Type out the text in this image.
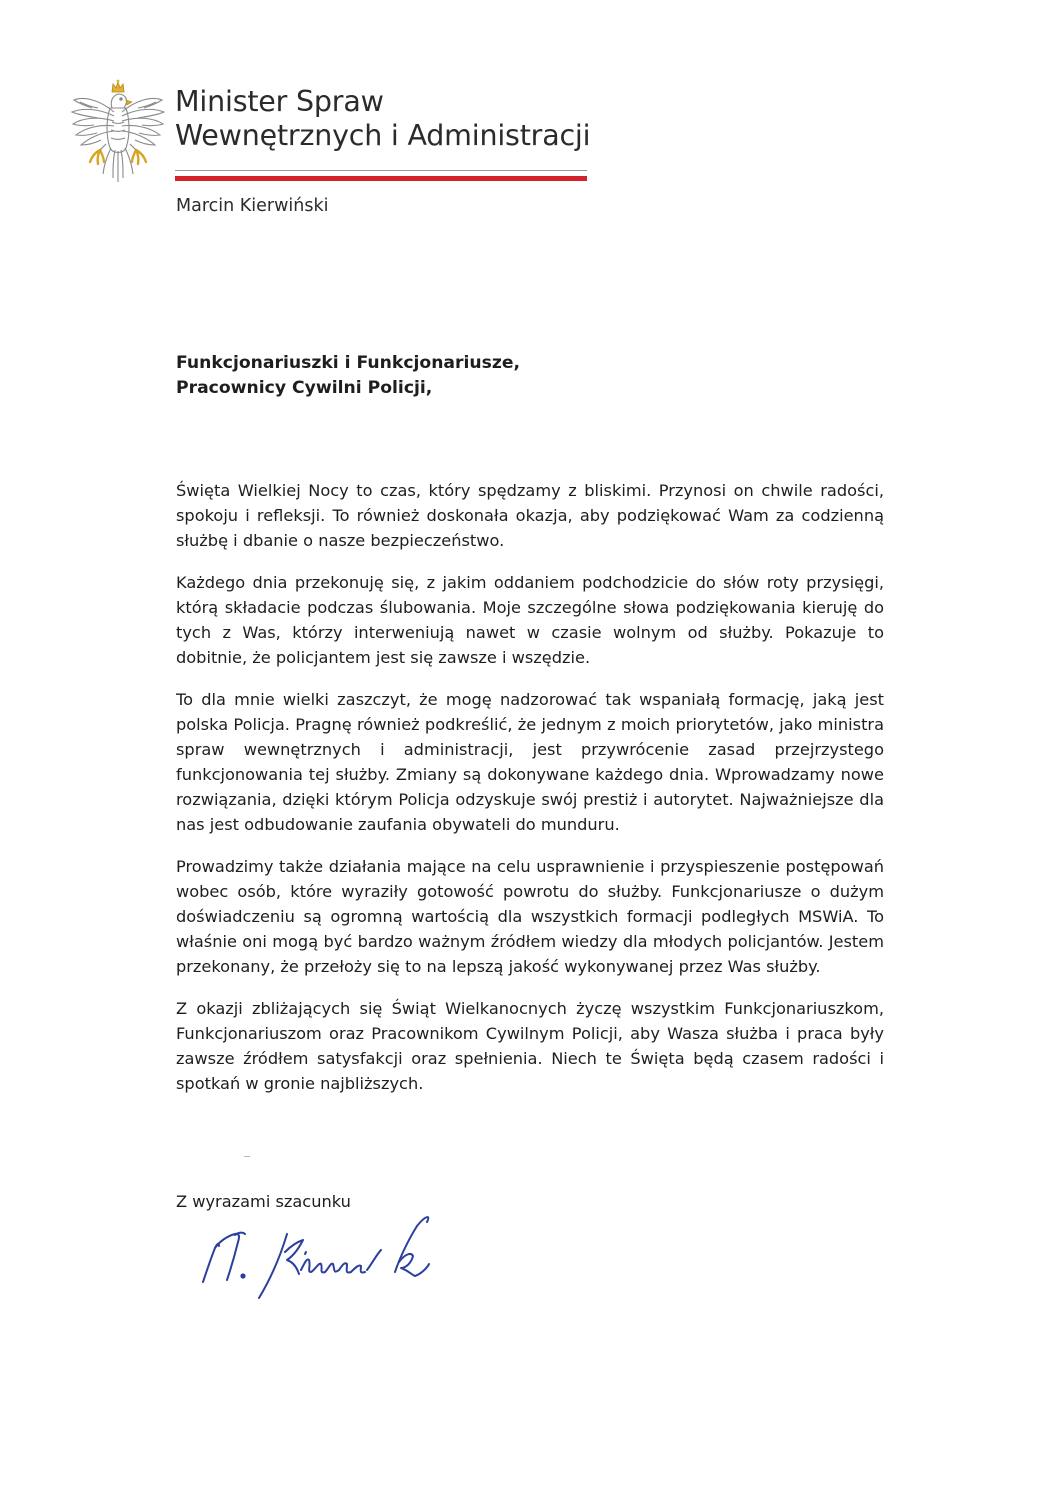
Minister Spraw
Wewnętrznych i Administracji
Marcin Kierwiński
Funkcjonariuszki i Funkcjonariusze,
Pracownicy Cywilni Policji,

Święta Wielkiej Nocy to czas, który spędzamy z bliskimi. Przynosi on chwile radości, spokoju i refleksji. To również doskonała okazja, aby podziękować Wam za codzienną służbę i dbanie o nasze bezpieczeństwo.

Każdego dnia przekonuję się, z jakim oddaniem podchodzicie do słów roty przysięgi, którą składacie podczas ślubowania. Moje szczególne słowa podziękowania kieruję do tych z Was, którzy interweniują nawet w czasie wolnym od służby. Pokazuje to dobitnie, że policjantem jest się zawsze i wszędzie.

To dla mnie wielki zaszczyt, że mogę nadzorować tak wspaniałą formację, jaką jest polska Policja. Pragnę również podkreślić, że jednym z moich priorytetów, jako ministra spraw wewnętrznych i administracji, jest przywrócenie zasad przejrzystego funkcjonowania tej służby. Zmiany są dokonywane każdego dnia. Wprowadzamy nowe rozwiązania, dzięki którym Policja odzyskuje swój prestiż i autorytet. Najważniejsze dla nas jest odbudowanie zaufania obywateli do munduru.

Prowadzimy także działania mające na celu usprawnienie i przyspieszenie postępowań wobec osób, które wyraziły gotowość powrotu do służby. Funkcjonariusze o dużym doświadczeniu są ogromną wartością dla wszystkich formacji podległych MSWiA. To właśnie oni mogą być bardzo ważnym źródłem wiedzy dla młodych policjantów. Jestem przekonany, że przełoży się to na lepszą jakość wykonywanej przez Was służby.

Z okazji zbliżających się Świąt Wielkanocnych życzę wszystkim Funkcjonariuszkom, Funkcjonariuszom oraz Pracownikom Cywilnym Policji, aby Wasza służba i praca były zawsze źródłem satysfakcji oraz spełnienia. Niech te Święta będą czasem radości i spotkań w gronie najbliższych.

Z wyrazami szacunku
